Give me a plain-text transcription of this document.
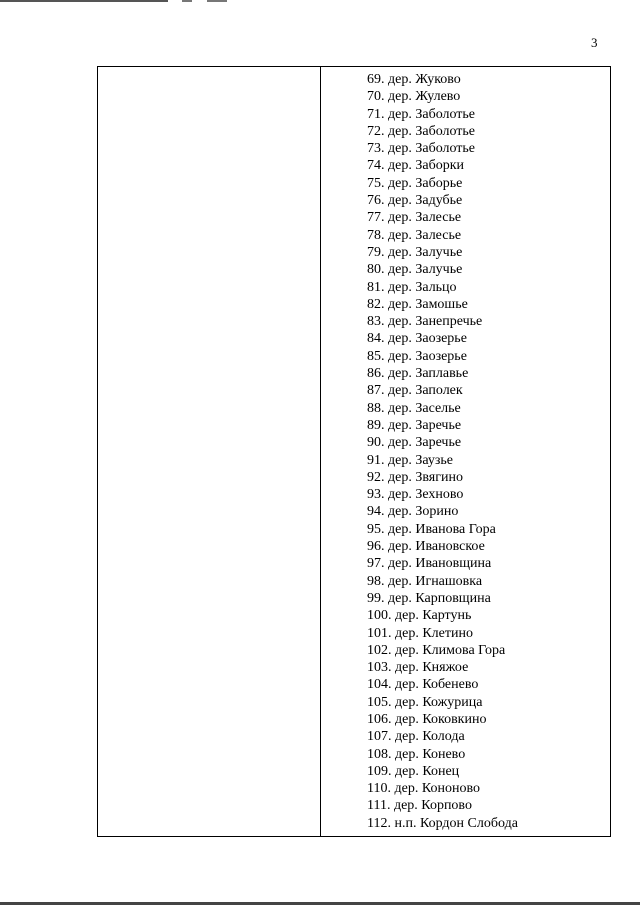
3
69. дер. Жуково
70. дер. Жулево
71. дер. Заболотье
72. дер. Заболотье
73. дер. Заболотье
74. дер. Заборки
75. дер. Заборье
76. дер. Задубье
77. дер. Залесье
78. дер. Залесье
79. дер. Залучье
80. дер. Залучье
81. дер. Зальцо
82. дер. Замошье
83. дер. Занепречье
84. дер. Заозерье
85. дер. Заозерье
86. дер. Заплавье
87. дер. Заполек
88. дер. Заселье
89. дер. Заречье
90. дер. Заречье
91. дер. Заузье
92. дер. Звягино
93. дер. Зехново
94. дер. Зорино
95. дер. Иванова Гора
96. дер. Ивановское
97. дер. Ивановщина
98. дер. Игнашовка
99. дер. Карповщина
100. дер. Картунь
101. дер. Клетино
102. дер. Климова Гора
103. дер. Княжое
104. дер. Кобенево
105. дер. Кожурица
106. дер. Коковкино
107. дер. Колода
108. дер. Конево
109. дер. Конец
110. дер. Кононово
111. дер. Корпово
112. н.п. Кордон Слобода
